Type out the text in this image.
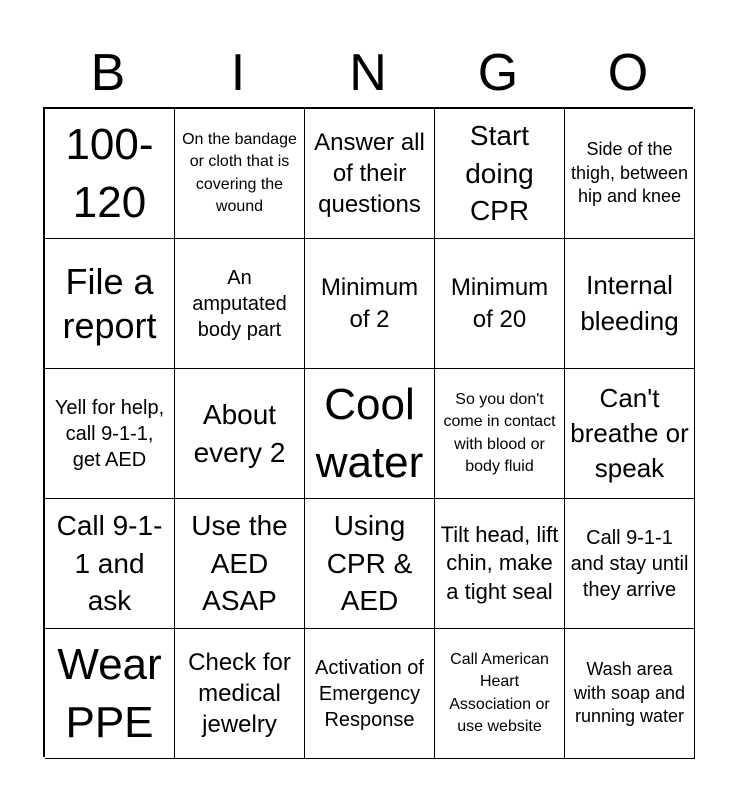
B	I	N	G	O
100-120
On the bandage or cloth that is covering the wound
Answer all of their questions
Start doing CPR
Side of the thigh, between hip and knee
File a report
An amputated body part
Minimum of 2
Minimum of 20
Internal bleeding
Yell for help, call 9-1-1, get AED
About every 2
Cool water
So you don't come in contact with blood or body fluid
Can't breathe or speak
Call 9-1-1 and ask
Use the AED ASAP
Using CPR & AED
Tilt head, lift chin, make a tight seal
Call 9-1-1 and stay until they arrive
Wear PPE
Check for medical jewelry
Activation of Emergency Response
Call American Heart Association or use website
Wash area with soap and running water
